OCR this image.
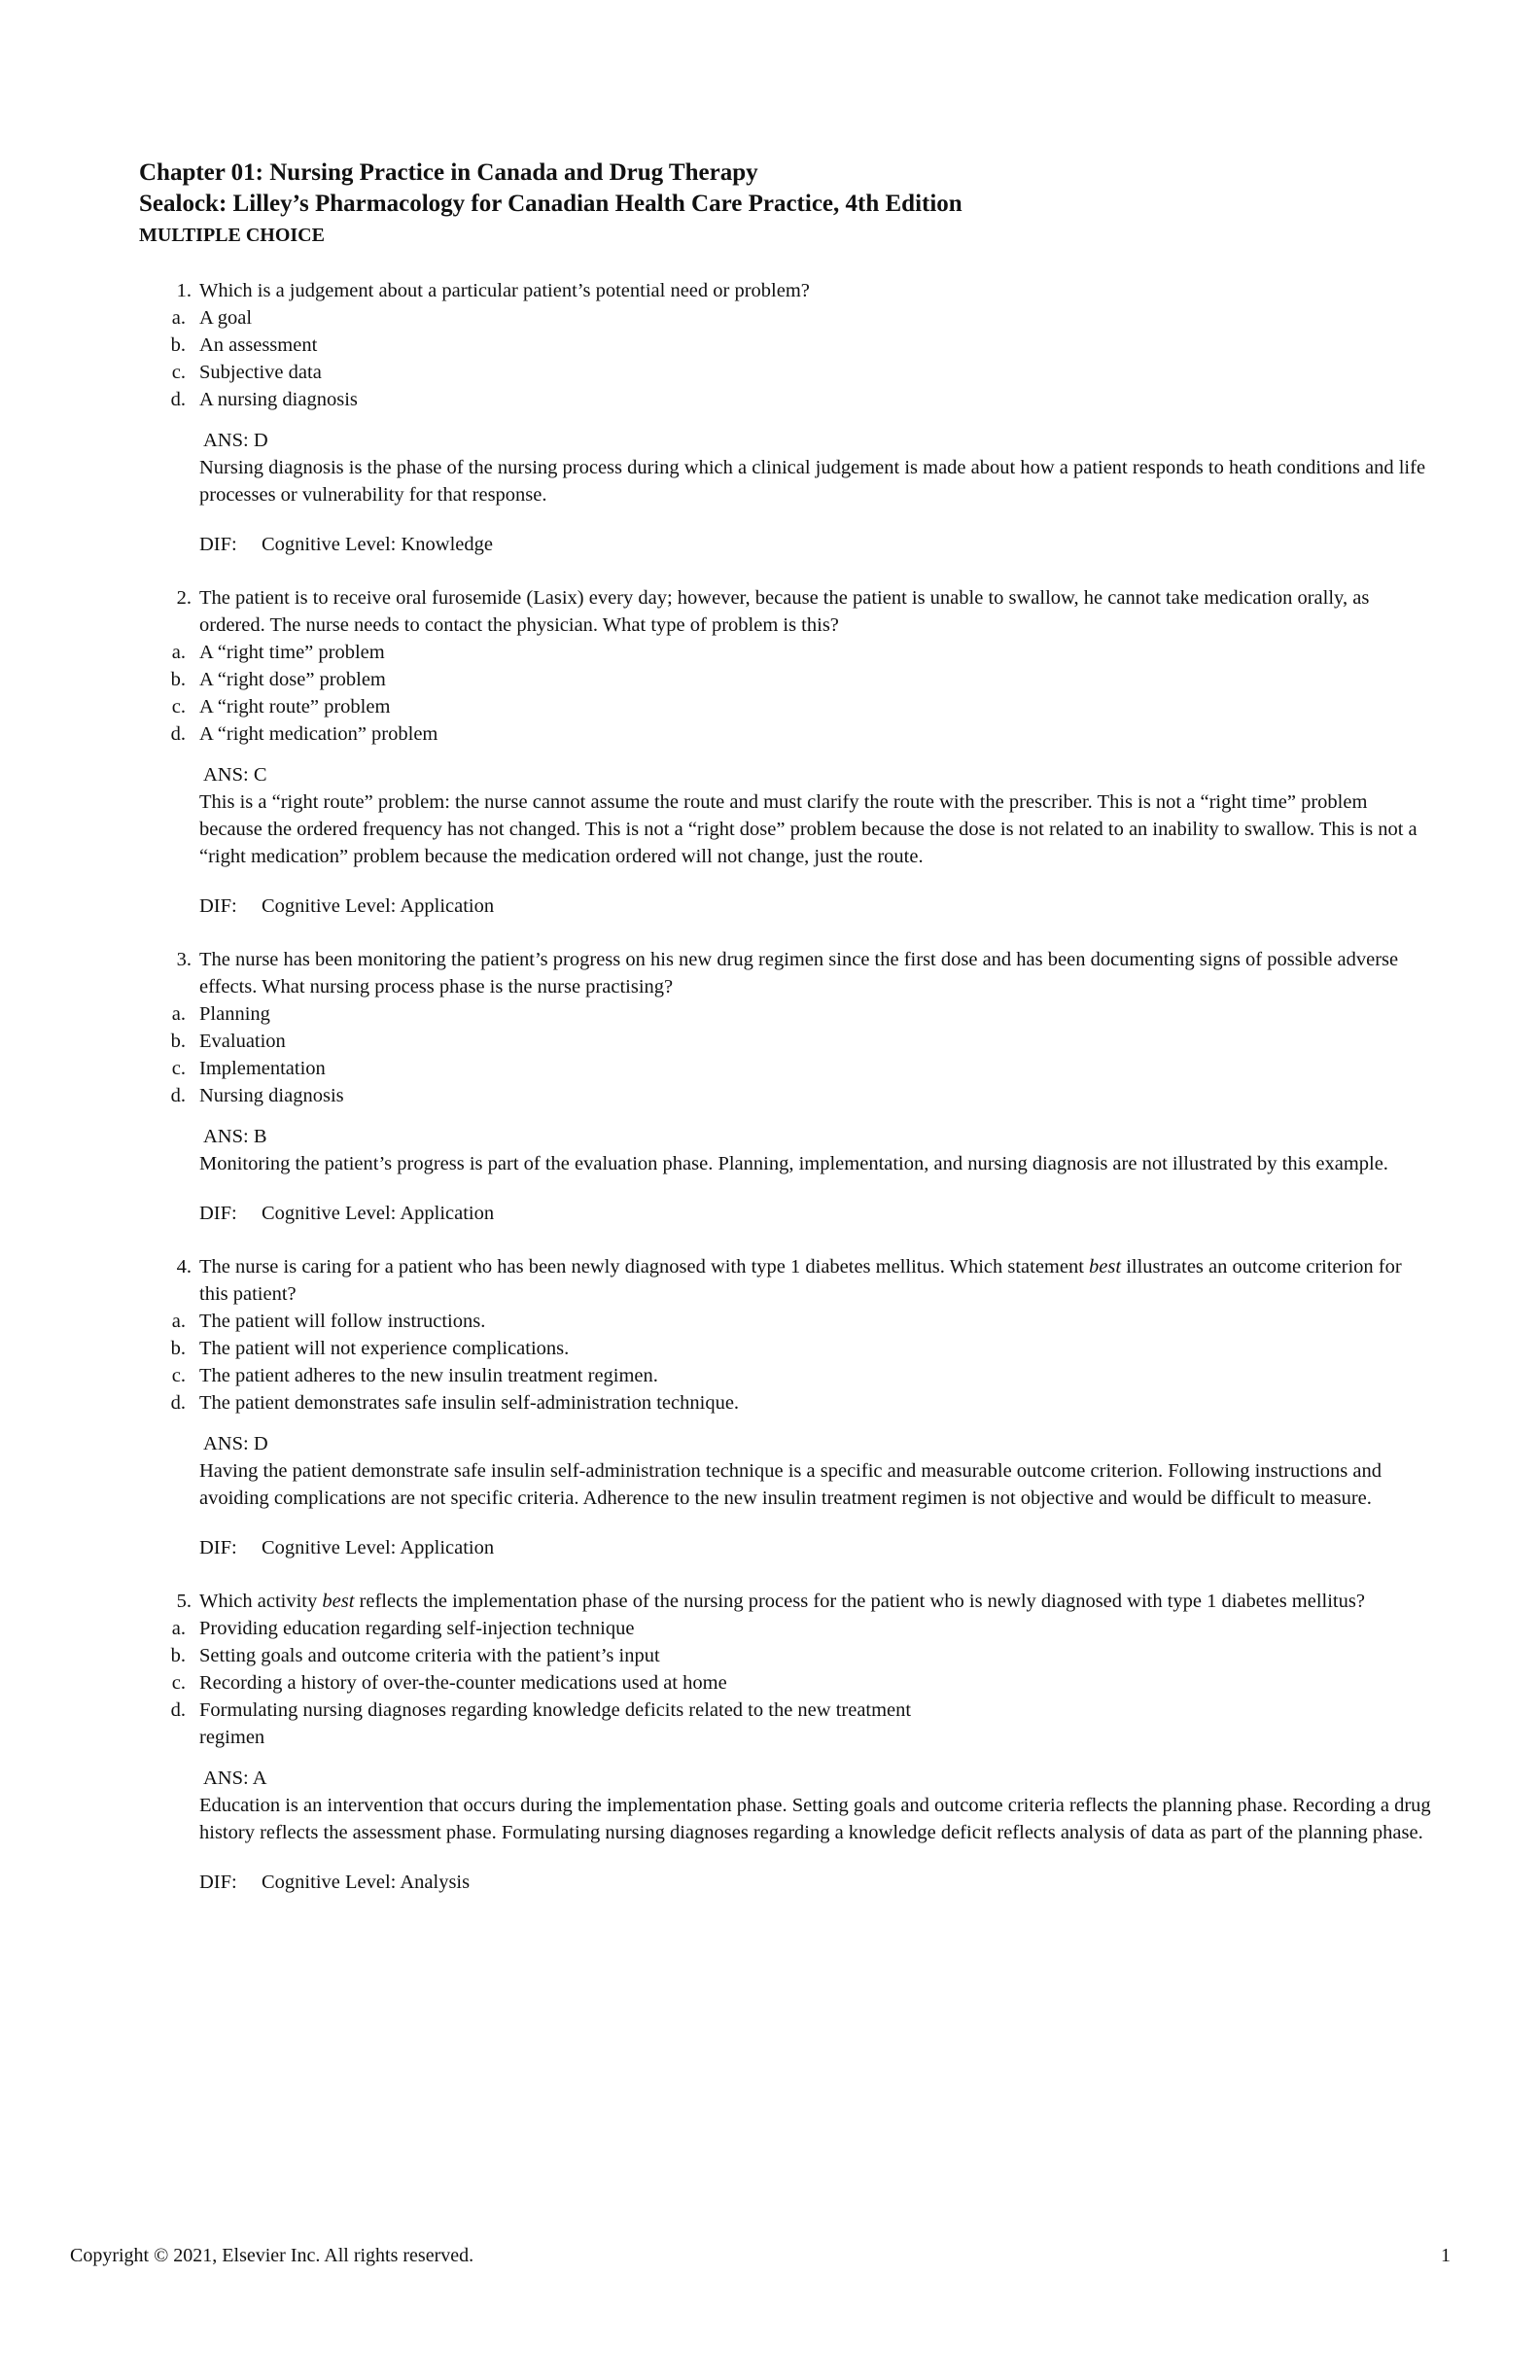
Chapter 01: Nursing Practice in Canada and Drug Therapy

Sealock: Lilley’s Pharmacology for Canadian Health Care Practice, 4th Edition

MULTIPLE CHOICE

1. Which is a judgement about a particular patient’s potential need or problem?
a. A goal
b. An assessment
c. Subjective data
d. A nursing diagnosis
ANS: D

Nursing diagnosis is the phase of the nursing process during which a clinical judgement is made about how a patient responds to heath conditions and life processes or vulnerability for that response.

DIF: Cognitive Level: Knowledge
2. The patient is to receive oral furosemide (Lasix) every day; however, because the patient is unable to swallow, he cannot take medication orally, as ordered. The nurse needs to contact the physician. What type of problem is this?
a. A “right time” problem
b. A “right dose” problem
c. A “right route” problem
d. A “right medication” problem
ANS: C

This is a “right route” problem: the nurse cannot assume the route and must clarify the route with the prescriber. This is not a “right time” problem because the ordered frequency has not changed. This is not a “right dose” problem because the dose is not related to an inability to swallow. This is not a “right medication” problem because the medication ordered will not change, just the route.

DIF: Cognitive Level: Application
3. The nurse has been monitoring the patient’s progress on his new drug regimen since the first dose and has been documenting signs of possible adverse effects. What nursing process phase is the nurse practising?
a. Planning
b. Evaluation
c. Implementation
d. Nursing diagnosis
ANS: B

Monitoring the patient’s progress is part of the evaluation phase. Planning, implementation, and nursing diagnosis are not illustrated by this example.

DIF: Cognitive Level: Application
4. The nurse is caring for a patient who has been newly diagnosed with type 1 diabetes mellitus. Which statement best illustrates an outcome criterion for this patient?
a. The patient will follow instructions.
b. The patient will not experience complications.
c. The patient adheres to the new insulin treatment regimen.
d. The patient demonstrates safe insulin self-administration technique.
ANS: D

Having the patient demonstrate safe insulin self-administration technique is a specific and measurable outcome criterion. Following instructions and avoiding complications are not specific criteria. Adherence to the new insulin treatment regimen is not objective and would be difficult to measure.

DIF: Cognitive Level: Application
5. Which activity best reflects the implementation phase of the nursing process for the patient who is newly diagnosed with type 1 diabetes mellitus?
a. Providing education regarding self-injection technique
b. Setting goals and outcome criteria with the patient’s input
c. Recording a history of over-the-counter medications used at home
d. Formulating nursing diagnoses regarding knowledge deficits related to the new treatment regimen
ANS: A

Education is an intervention that occurs during the implementation phase. Setting goals and outcome criteria reflects the planning phase. Recording a drug history reflects the assessment phase. Formulating nursing diagnoses regarding a knowledge deficit reflects analysis of data as part of the planning phase.

DIF: Cognitive Level: Analysis
Copyright © 2021, Elsevier Inc. All rights reserved.	1
